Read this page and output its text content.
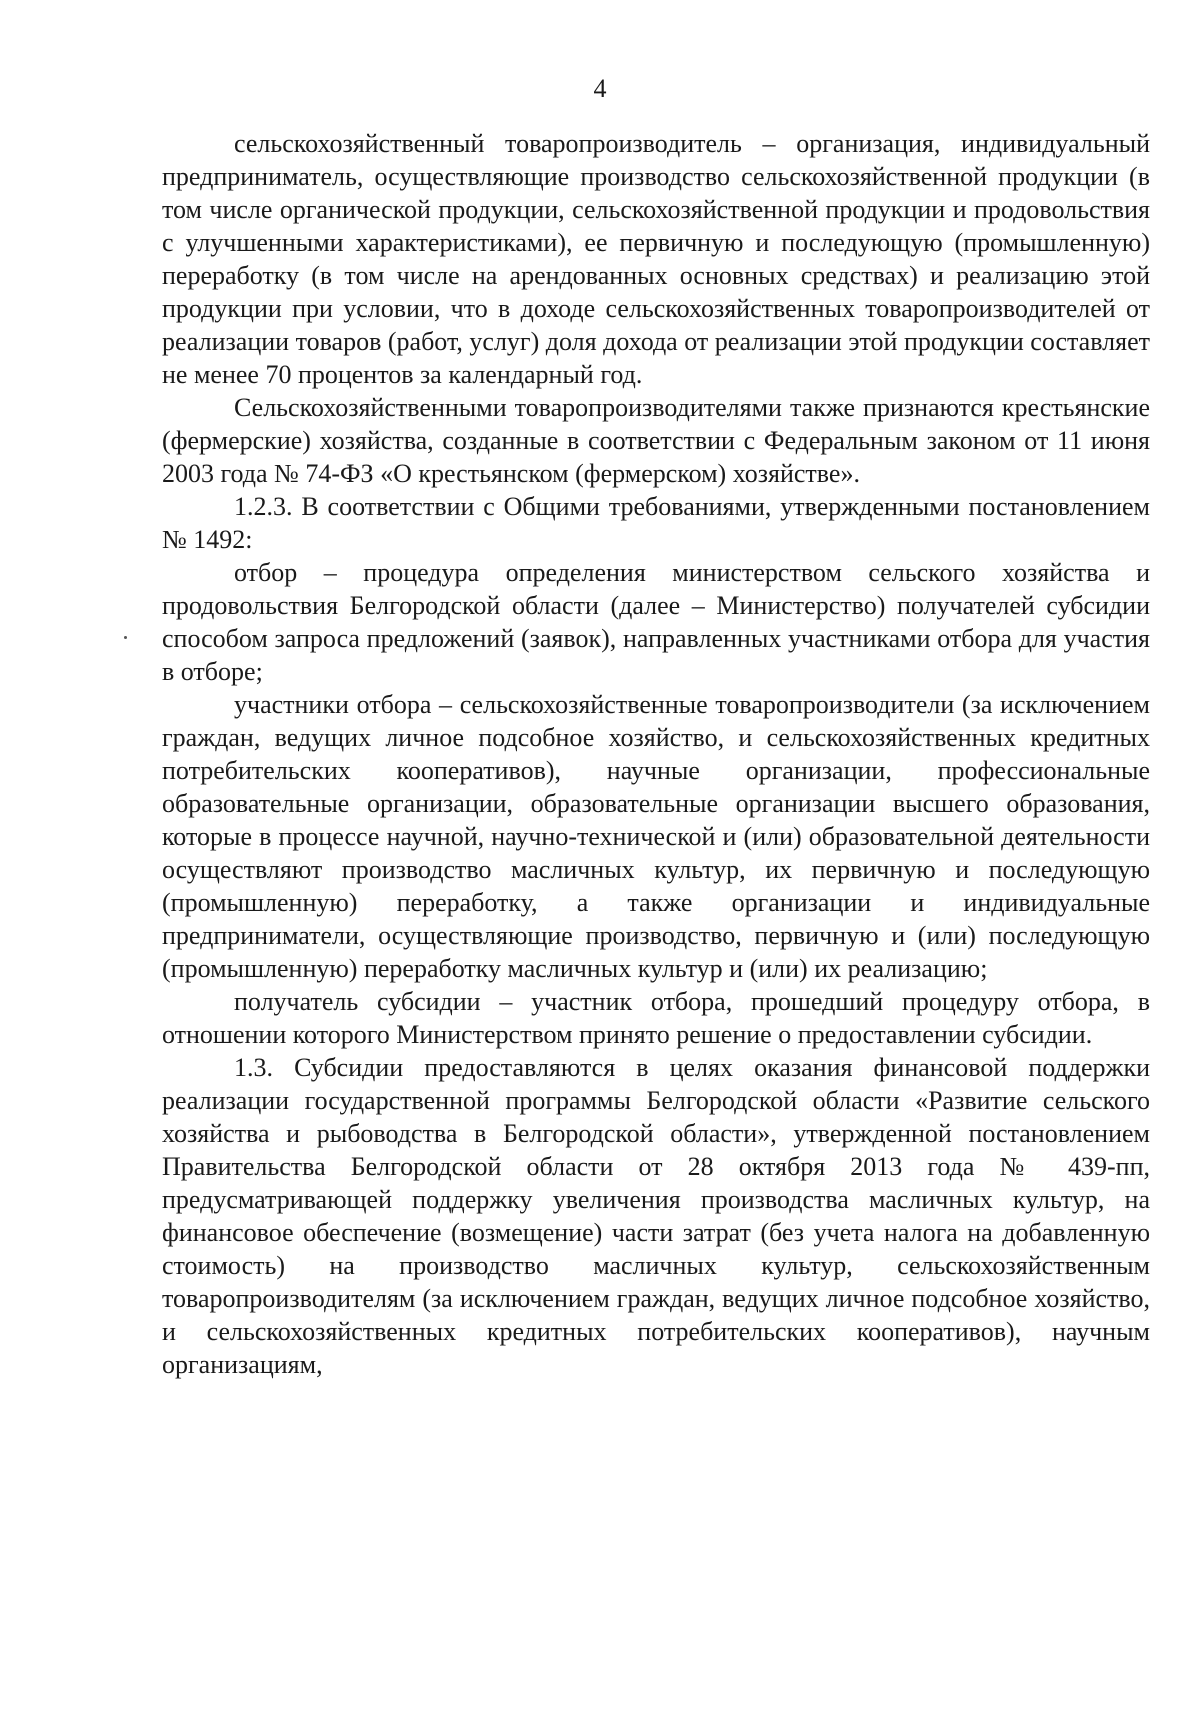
4

сельскохозяйственный товаропроизводитель – организация, индивидуальный предприниматель, осуществляющие производство сельскохозяйственной продукции (в том числе органической продукции, сельскохозяйственной продукции и продовольствия с улучшенными характеристиками), ее первичную и последующую (промышленную) переработку (в том числе на арендованных основных средствах) и реализацию этой продукции при условии, что в доходе сельскохозяйственных товаропроизводителей от реализации товаров (работ, услуг) доля дохода от реализации этой продукции составляет не менее 70 процентов за календарный год.

Сельскохозяйственными товаропроизводителями также признаются крестьянские (фермерские) хозяйства, созданные в соответствии с Федеральным законом от 11 июня 2003 года № 74-ФЗ «О крестьянском (фермерском) хозяйстве».

1.2.3. В соответствии с Общими требованиями, утвержденными постановлением № 1492:

отбор – процедура определения министерством сельского хозяйства и продовольствия Белгородской области (далее – Министерство) получателей субсидии способом запроса предложений (заявок), направленных участниками отбора для участия в отборе;

участники отбора – сельскохозяйственные товаропроизводители (за исключением граждан, ведущих личное подсобное хозяйство, и сельскохозяйственных кредитных потребительских кооперативов), научные организации, профессиональные образовательные организации, образовательные организации высшего образования, которые в процессе научной, научно-технической и (или) образовательной деятельности осуществляют производство масличных культур, их первичную и последующую (промышленную) переработку, а также организации и индивидуальные предприниматели, осуществляющие производство, первичную и (или) последующую (промышленную) переработку масличных культур и (или) их реализацию;

получатель субсидии – участник отбора, прошедший процедуру отбора, в отношении которого Министерством принято решение о предоставлении субсидии.

1.3. Субсидии предоставляются в целях оказания финансовой поддержки реализации государственной программы Белгородской области «Развитие сельского хозяйства и рыбоводства в Белгородской области», утвержденной постановлением Правительства Белгородской области от 28 октября 2013 года № 439-пп, предусматривающей поддержку увеличения производства масличных культур, на финансовое обеспечение (возмещение) части затрат (без учета налога на добавленную стоимость) на производство масличных культур, сельскохозяйственным товаропроизводителям (за исключением граждан, ведущих личное подсобное хозяйство, и сельскохозяйственных кредитных потребительских кооперативов), научным организациям,
